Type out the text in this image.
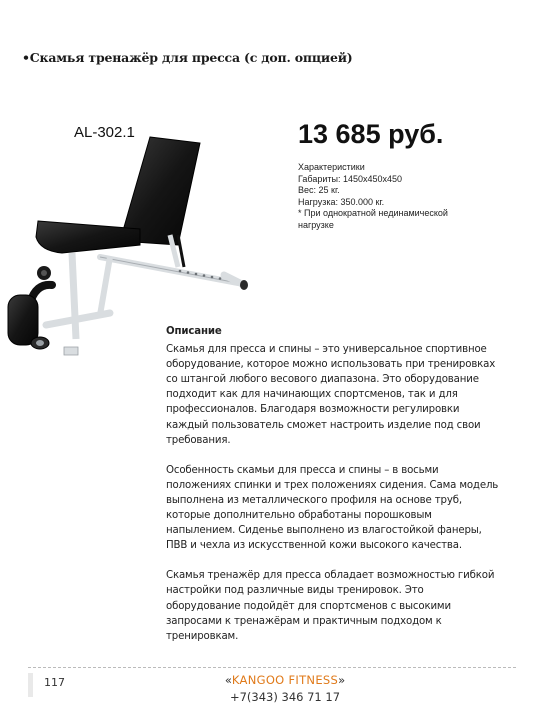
•Скамья тренажёр для пресса (с доп. опцией)
AL-302.1	13 685 руб.
Характеристики
Габариты: 1450х450х450
Вес: 25 кг.
Нагрузка: 350.000 кг.
* При однократной нединамической
нагрузке
Описание

Скамья для пресса и спины – это универсальное спортивное
оборудование, которое можно использовать при тренировках
со штангой любого весового диапазона. Это оборудование
подходит как для начинающих спортсменов, так и для
профессионалов. Благодаря возможности регулировки
каждый пользователь сможет настроить изделие под свои
требования.

Особенность скамьи для пресса и спины – в восьми
положениях спинки и трех положениях сидения. Сама модель
выполнена из металлического профиля на основе труб,
которые дополнительно обработаны порошковым
напылением. Сиденье выполнено из влагостойкой фанеры,
ПВВ и чехла из искусственной кожи высокого качества.

Скамья тренажёр для пресса обладает возможностью гибкой
настройки под различные виды тренировок. Это
оборудование подойдёт для спортсменов с высокими
запросами к тренажёрам и практичным подходом к
тренировкам.

117	«KANGOO FITNESS»
+7(343) 346 71 17
